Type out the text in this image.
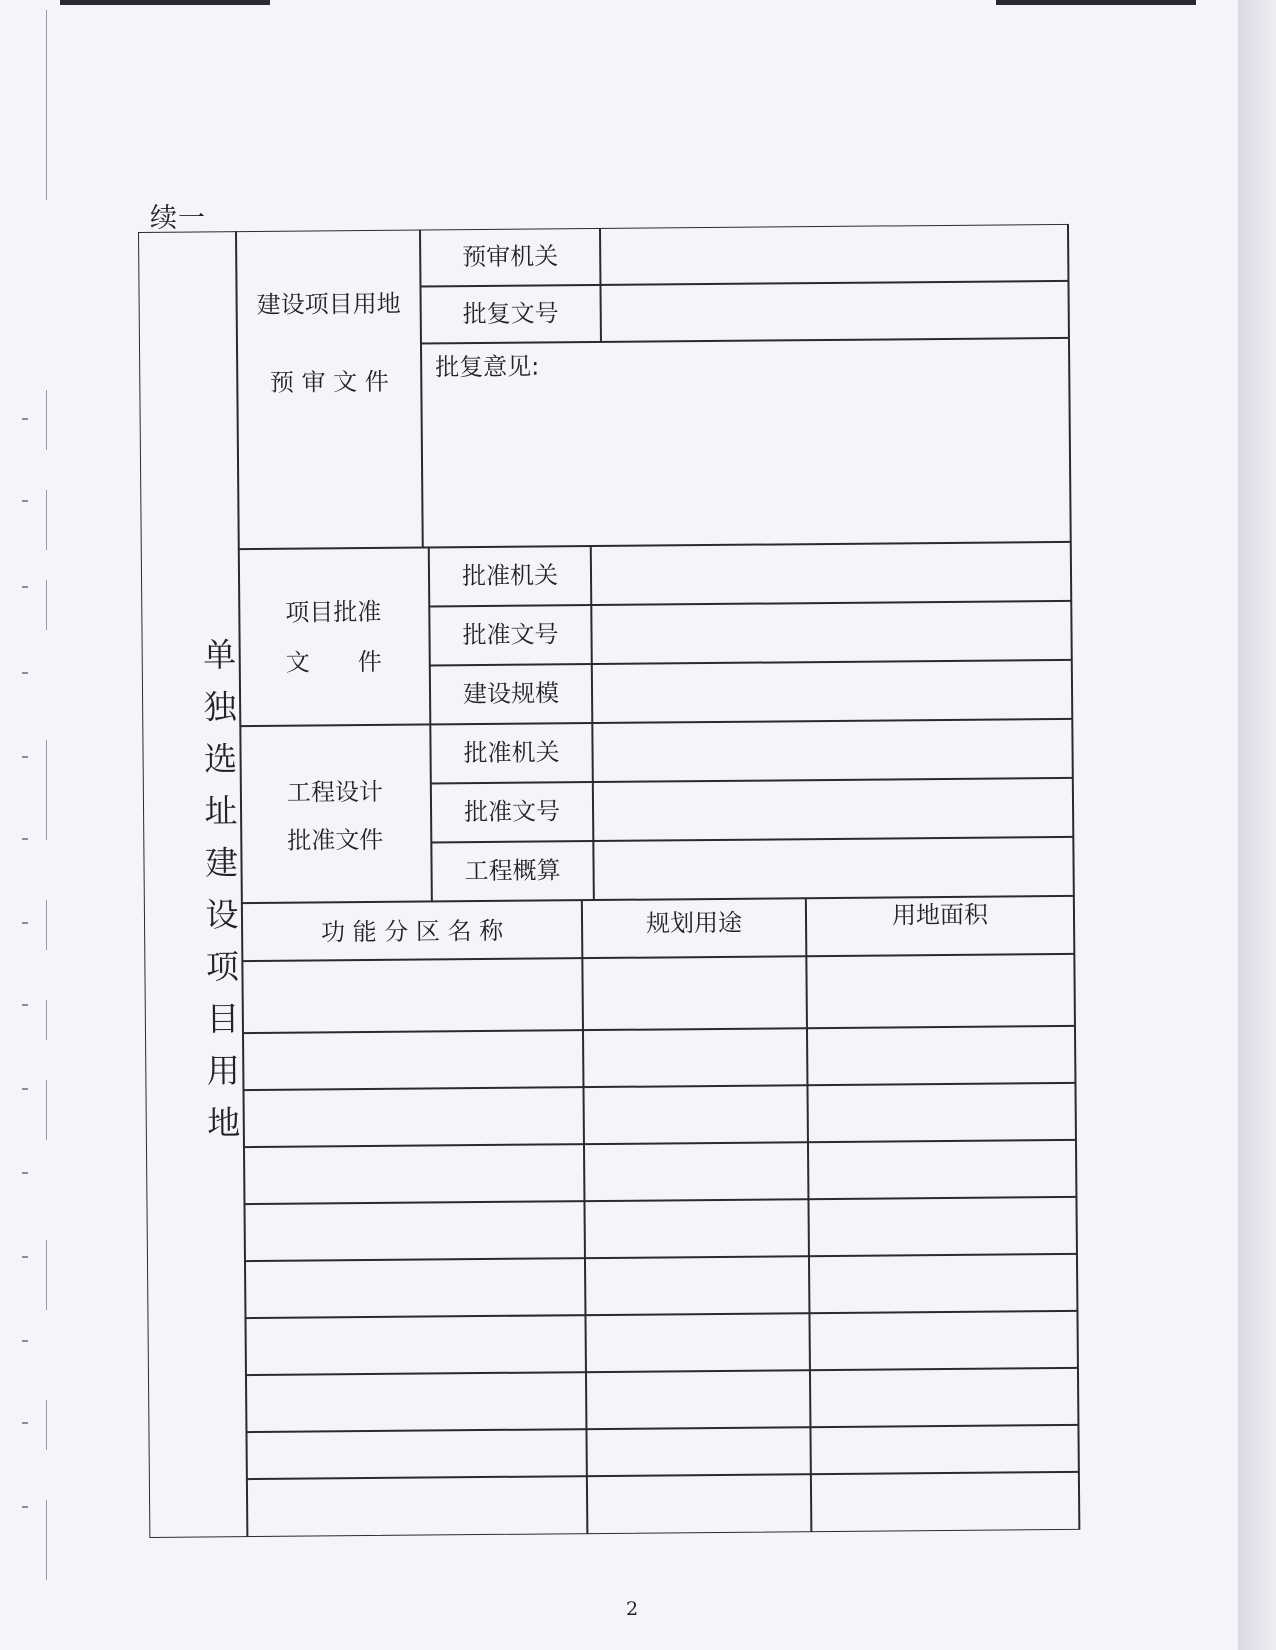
续一
单
独
选
址
建
设
项
目
用
地
建设项目用地
预 审 文 件
预审机关
批复文号
批复意见:
项目批准
文　　件
批准机关
批准文号
建设规模
工程设计
批准文件
批准机关
批准文号
工程概算
功 能 分 区 名 称	规划用途	用地面积
2
